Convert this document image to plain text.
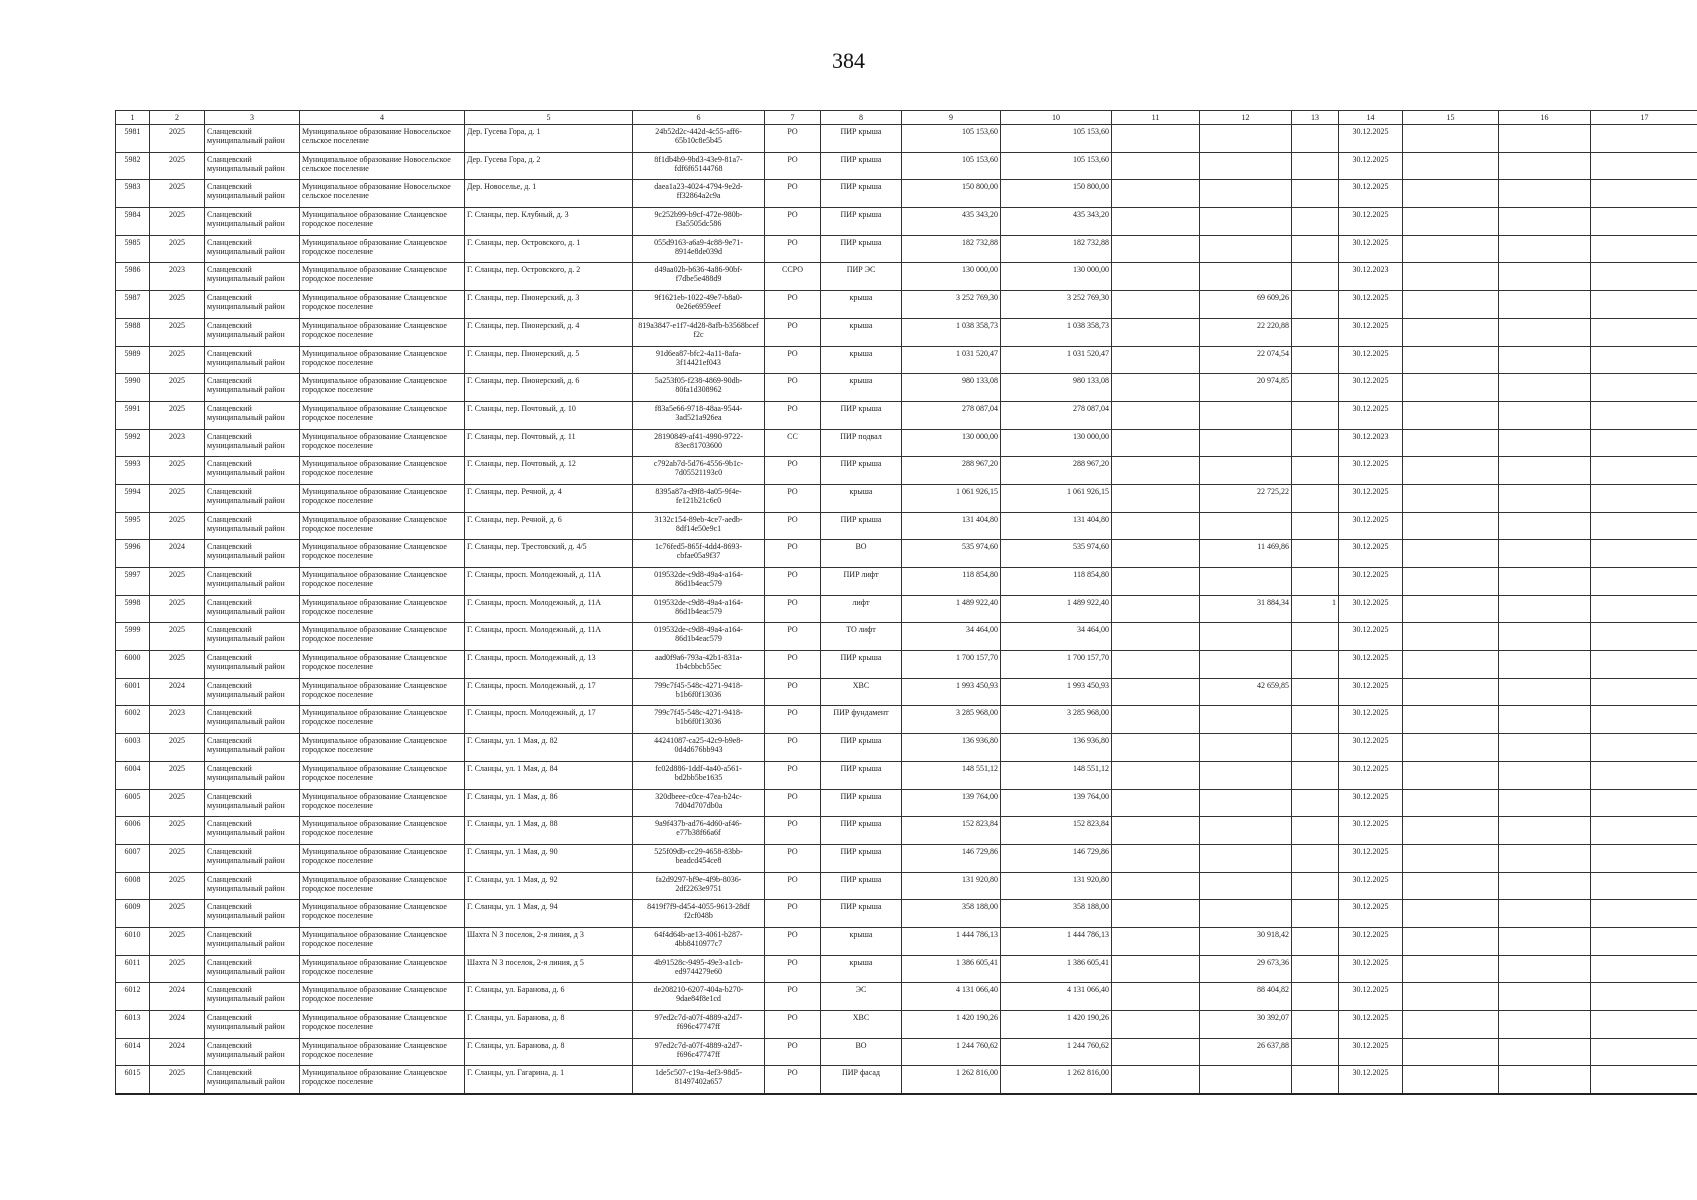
384
1	2	3	4	5	6	7	8	9	10	11	12	13	14	15	16	17
5981	2025	Сланцевский муниципальный район	Муниципальное образование Новосельское сельское поселение	Дер. Гусева Гора, д. 1	24b52d2c-442d-4c55-aff6-65b10c8e5b45	РО	ПИР крыша	105 153,60	105 153,60				30.12.2025			
5982	2025	Сланцевский муниципальный район	Муниципальное образование Новосельское сельское поселение	Дер. Гусева Гора, д. 2	8f1db4b9-9bd3-43e9-81a7-fdf6f65144768	РО	ПИР крыша	105 153,60	105 153,60				30.12.2025			
5983	2025	Сланцевский муниципальный район	Муниципальное образование Новосельское сельское поселение	Дер. Новоселье, д. 1	daea1a23-4024-4794-9e2d-ff32864a2c9a	РО	ПИР крыша	150 800,00	150 800,00				30.12.2025			
5984	2025	Сланцевский муниципальный район	Муниципальное образование Сланцевское городское поселение	Г. Сланцы, пер. Клубный, д. 3	9c252b99-b9cf-472e-980b-f3a5505dc586	РО	ПИР крыша	435 343,20	435 343,20				30.12.2025			
5985	2025	Сланцевский муниципальный район	Муниципальное образование Сланцевское городское поселение	Г. Сланцы, пер. Островского, д. 1	055d9163-a6a9-4c88-9e71-8914e8de039d	РО	ПИР крыша	182 732,88	182 732,88				30.12.2025			
5986	2023	Сланцевский муниципальный район	Муниципальное образование Сланцевское городское поселение	Г. Сланцы, пер. Островского, д. 2	d49aa02b-b636-4a86-90bf-f7dbe5e488d9	ССРО	ПИР ЭС	130 000,00	130 000,00				30.12.2023			
5987	2025	Сланцевский муниципальный район	Муниципальное образование Сланцевское городское поселение	Г. Сланцы, пер. Пионерский, д. 3	9f1621eb-1022-49e7-b8a0-0e26e6959eef	РО	крыша	3 252 769,30	3 252 769,30		69 609,26		30.12.2025			
5988	2025	Сланцевский муниципальный район	Муниципальное образование Сланцевское городское поселение	Г. Сланцы, пер. Пионерский, д. 4	819a3847-e1f7-4d28-8afb-b3568bcef f2c	РО	крыша	1 038 358,73	1 038 358,73		22 220,88		30.12.2025			
5989	2025	Сланцевский муниципальный район	Муниципальное образование Сланцевское городское поселение	Г. Сланцы, пер. Пионерский, д. 5	91d6ea87-bfc2-4a11-8afa-3f14421ef043	РО	крыша	1 031 520,47	1 031 520,47		22 074,54		30.12.2025			
5990	2025	Сланцевский муниципальный район	Муниципальное образование Сланцевское городское поселение	Г. Сланцы, пер. Пионерский, д. 6	5a253f05-f238-4869-90db-80fa1d308962	РО	крыша	980 133,08	980 133,08		20 974,85		30.12.2025			
5991	2025	Сланцевский муниципальный район	Муниципальное образование Сланцевское городское поселение	Г. Сланцы, пер. Почтовый, д. 10	f83a5e66-9718-48aa-9544-3ad521a926ea	РО	ПИР крыша	278 087,04	278 087,04				30.12.2025			
5992	2023	Сланцевский муниципальный район	Муниципальное образование Сланцевское городское поселение	Г. Сланцы, пер. Почтовый, д. 11	28190849-af41-4990-9722-83ec81703600	СС	ПИР подвал	130 000,00	130 000,00				30.12.2023			
5993	2025	Сланцевский муниципальный район	Муниципальное образование Сланцевское городское поселение	Г. Сланцы, пер. Почтовый, д. 12	c792ab7d-5d76-4556-9b1c-7d05521193c0	РО	ПИР крыша	288 967,20	288 967,20				30.12.2025			
5994	2025	Сланцевский муниципальный район	Муниципальное образование Сланцевское городское поселение	Г. Сланцы, пер. Речной, д. 4	8395a87a-d9f8-4a05-9f4e-fe121b21c6c0	РО	крыша	1 061 926,15	1 061 926,15		22 725,22		30.12.2025			
5995	2025	Сланцевский муниципальный район	Муниципальное образование Сланцевское городское поселение	Г. Сланцы, пер. Речной, д. 6	3132c154-89eb-4ce7-aedb-8df14e50e9c1	РО	ПИР крыша	131 404,80	131 404,80				30.12.2025			
5996	2024	Сланцевский муниципальный район	Муниципальное образование Сланцевское городское поселение	Г. Сланцы, пер. Трестовский, д. 4/5	1c76fed5-865f-4dd4-8693-cbfae05a9f37	РО	ВО	535 974,60	535 974,60		11 469,86		30.12.2025			
5997	2025	Сланцевский муниципальный район	Муниципальное образование Сланцевское городское поселение	Г. Сланцы, просп. Молодежный, д. 11А	019532de-c9d8-49a4-a164-86d1b4eac579	РО	ПИР лифт	118 854,80	118 854,80				30.12.2025			
5998	2025	Сланцевский муниципальный район	Муниципальное образование Сланцевское городское поселение	Г. Сланцы, просп. Молодежный, д. 11А	019532de-c9d8-49a4-a164-86d1b4eac579	РО	лифт	1 489 922,40	1 489 922,40		31 884,34	1	30.12.2025			
5999	2025	Сланцевский муниципальный район	Муниципальное образование Сланцевское городское поселение	Г. Сланцы, просп. Молодежный, д. 11А	019532de-c9d8-49a4-a164-86d1b4eac579	РО	ТО лифт	34 464,00	34 464,00				30.12.2025			
6000	2025	Сланцевский муниципальный район	Муниципальное образование Сланцевское городское поселение	Г. Сланцы, просп. Молодежный, д. 13	aad0f9a6-793a-42b1-831a-1b4cbbcb55ec	РО	ПИР крыша	1 700 157,70	1 700 157,70				30.12.2025			
6001	2024	Сланцевский муниципальный район	Муниципальное образование Сланцевское городское поселение	Г. Сланцы, просп. Молодежный, д. 17	799c7f45-548c-4271-9418-b1b6f0f13036	РО	ХВС	1 993 450,93	1 993 450,93		42 659,85		30.12.2025			
6002	2023	Сланцевский муниципальный район	Муниципальное образование Сланцевское городское поселение	Г. Сланцы, просп. Молодежный, д. 17	799c7f45-548c-4271-9418-b1b6f0f13036	РО	ПИР фундамент	3 285 968,00	3 285 968,00				30.12.2025			
6003	2025	Сланцевский муниципальный район	Муниципальное образование Сланцевское городское поселение	Г. Сланцы, ул. 1 Мая, д. 82	44241087-ca25-42c9-b9e8-0d4d676bb943	РО	ПИР крыша	136 936,80	136 936,80				30.12.2025			
6004	2025	Сланцевский муниципальный район	Муниципальное образование Сланцевское городское поселение	Г. Сланцы, ул. 1 Мая, д. 84	fc02d886-1ddf-4a40-a561-bd2bb5be1635	РО	ПИР крыша	148 551,12	148 551,12				30.12.2025			
6005	2025	Сланцевский муниципальный район	Муниципальное образование Сланцевское городское поселение	Г. Сланцы, ул. 1 Мая, д. 86	320dbeee-c0ce-47ea-b24c-7d04d707db0a	РО	ПИР крыша	139 764,00	139 764,00				30.12.2025			
6006	2025	Сланцевский муниципальный район	Муниципальное образование Сланцевское городское поселение	Г. Сланцы, ул. 1 Мая, д. 88	9a9f437b-ad76-4d60-af46-e77b38f66a6f	РО	ПИР крыша	152 823,84	152 823,84				30.12.2025			
6007	2025	Сланцевский муниципальный район	Муниципальное образование Сланцевское городское поселение	Г. Сланцы, ул. 1 Мая, д. 90	525f09db-cc29-4658-83bb-beadcd454ce8	РО	ПИР крыша	146 729,86	146 729,86				30.12.2025			
6008	2025	Сланцевский муниципальный район	Муниципальное образование Сланцевское городское поселение	Г. Сланцы, ул. 1 Мая, д. 92	fa2d9297-bf9e-4f9b-8036-2df2263e9751	РО	ПИР крыша	131 920,80	131 920,80				30.12.2025			
6009	2025	Сланцевский муниципальный район	Муниципальное образование Сланцевское городское поселение	Г. Сланцы, ул. 1 Мая, д. 94	8419f7f9-d454-4055-9613-28df f2cf048b	РО	ПИР крыша	358 188,00	358 188,00				30.12.2025			
6010	2025	Сланцевский муниципальный район	Муниципальное образование Сланцевское городское поселение	Шахта N 3 поселок, 2-я линия, д 3	64f4d64b-ae13-4061-b287-4bb8410977c7	РО	крыша	1 444 786,13	1 444 786,13		30 918,42		30.12.2025			
6011	2025	Сланцевский муниципальный район	Муниципальное образование Сланцевское городское поселение	Шахта N 3 поселок, 2-я линия, д 5	4b91528c-9495-49e3-a1cb-ed9744279e60	РО	крыша	1 386 605,41	1 386 605,41		29 673,36		30.12.2025			
6012	2024	Сланцевский муниципальный район	Муниципальное образование Сланцевское городское поселение	Г. Сланцы, ул. Баранова, д. 6	de208210-6207-404a-b270-9dae84f8e1cd	РО	ЭС	4 131 066,40	4 131 066,40		88 404,82		30.12.2025			
6013	2024	Сланцевский муниципальный район	Муниципальное образование Сланцевское городское поселение	Г. Сланцы, ул. Баранова, д. 8	97ed2c7d-a07f-4889-a2d7-f696c47747ff	РО	ХВС	1 420 190,26	1 420 190,26		30 392,07		30.12.2025			
6014	2024	Сланцевский муниципальный район	Муниципальное образование Сланцевское городское поселение	Г. Сланцы, ул. Баранова, д. 8	97ed2c7d-a07f-4889-a2d7-f696c47747ff	РО	ВО	1 244 760,62	1 244 760,62		26 637,88		30.12.2025			
6015	2025	Сланцевский муниципальный район	Муниципальное образование Сланцевское городское поселение	Г. Сланцы, ул. Гагарина, д. 1	1de5c507-c19a-4ef3-98d5-81497402a657	РО	ПИР фасад	1 262 816,00	1 262 816,00				30.12.2025			
